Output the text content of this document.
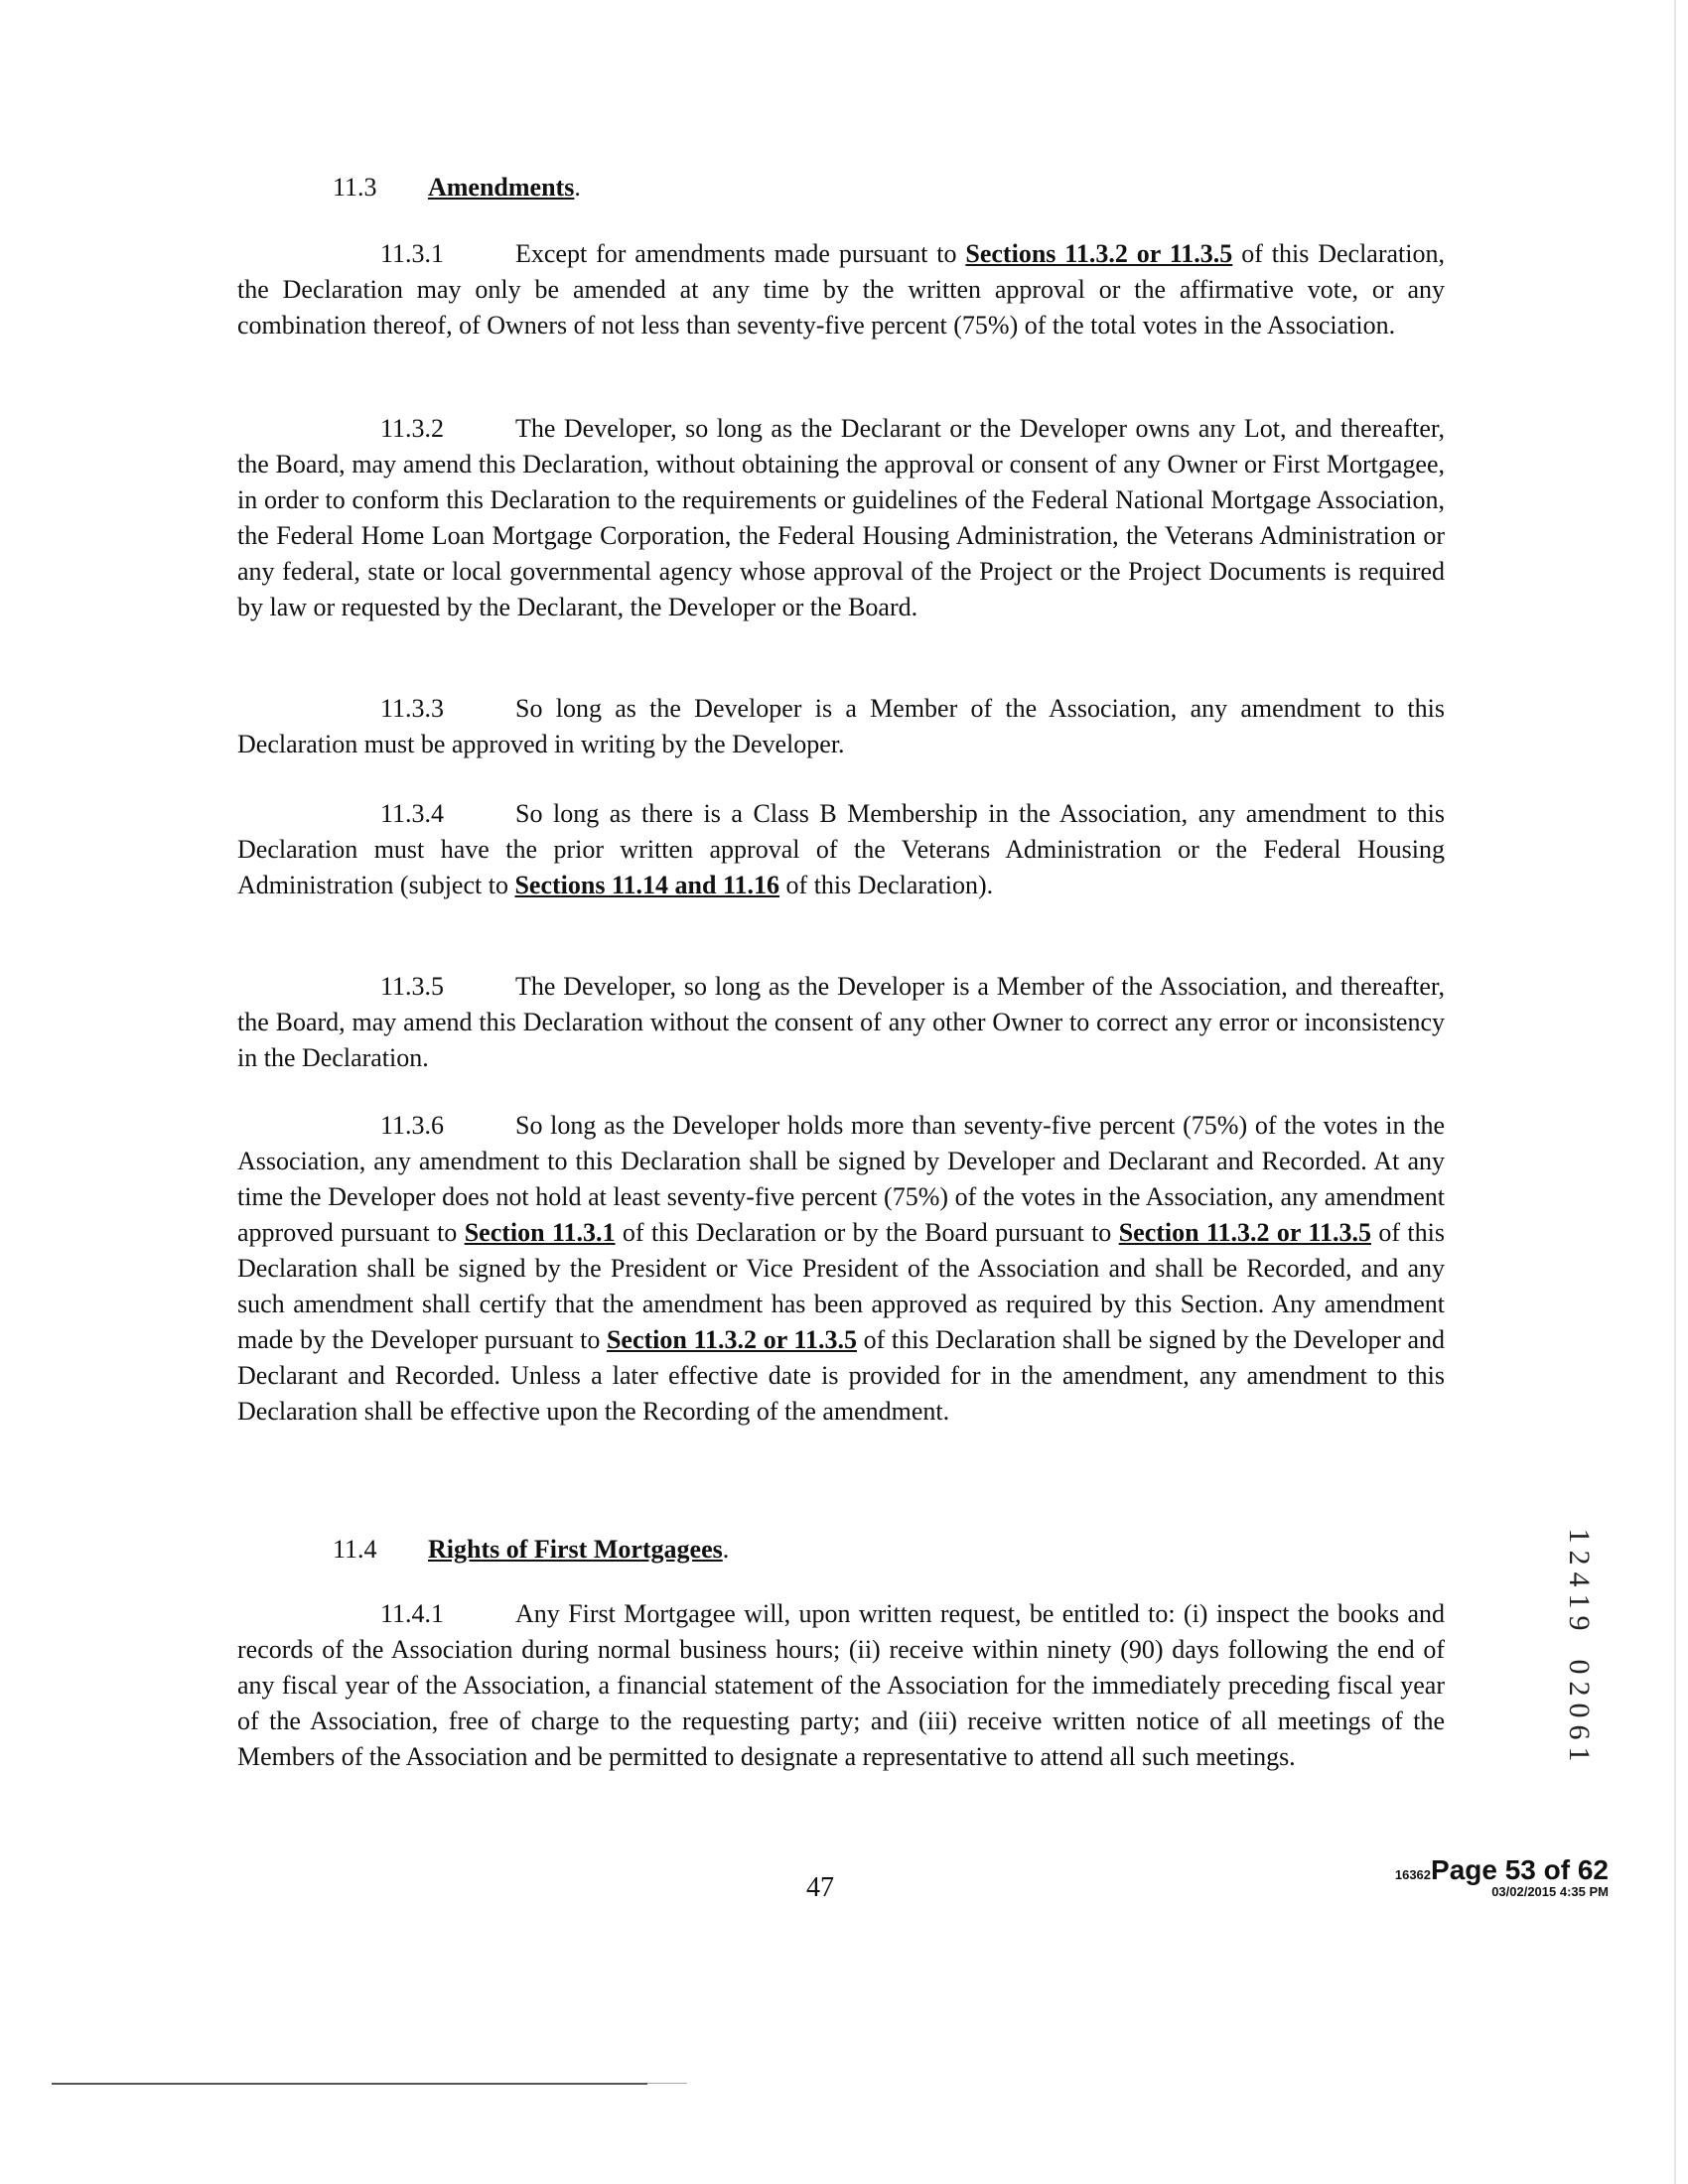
11.3 Amendments.
11.3.1	Except for amendments made pursuant to Sections 11.3.2 or 11.3.5 of this Declaration, the Declaration may only be amended at any time by the written approval or the affirmative vote, or any combination thereof, of Owners of not less than seventy-five percent (75%) of the total votes in the Association.
11.3.2	The Developer, so long as the Declarant or the Developer owns any Lot, and thereafter, the Board, may amend this Declaration, without obtaining the approval or consent of any Owner or First Mortgagee, in order to conform this Declaration to the requirements or guidelines of the Federal National Mortgage Association, the Federal Home Loan Mortgage Corporation, the Federal Housing Administration, the Veterans Administration or any federal, state or local governmental agency whose approval of the Project or the Project Documents is required by law or requested by the Declarant, the Developer or the Board.
11.3.3	So long as the Developer is a Member of the Association, any amendment to this Declaration must be approved in writing by the Developer.
11.3.4	So long as there is a Class B Membership in the Association, any amendment to this Declaration must have the prior written approval of the Veterans Administration or the Federal Housing Administration (subject to Sections 11.14 and 11.16 of this Declaration).
11.3.5	The Developer, so long as the Developer is a Member of the Association, and thereafter, the Board, may amend this Declaration without the consent of any other Owner to correct any error or inconsistency in the Declaration.
11.3.6	So long as the Developer holds more than seventy-five percent (75%) of the votes in the Association, any amendment to this Declaration shall be signed by Developer and Declarant and Recorded. At any time the Developer does not hold at least seventy-five percent (75%) of the votes in the Association, any amendment approved pursuant to Section 11.3.1 of this Declaration or by the Board pursuant to Section 11.3.2 or 11.3.5 of this Declaration shall be signed by the President or Vice President of the Association and shall be Recorded, and any such amendment shall certify that the amendment has been approved as required by this Section. Any amendment made by the Developer pursuant to Section 11.3.2 or 11.3.5 of this Declaration shall be signed by the Developer and Declarant and Recorded. Unless a later effective date is provided for in the amendment, any amendment to this Declaration shall be effective upon the Recording of the amendment.
11.4 Rights of First Mortgagees.
11.4.1	Any First Mortgagee will, upon written request, be entitled to: (i) inspect the books and records of the Association during normal business hours; (ii) receive within ninety (90) days following the end of any fiscal year of the Association, a financial statement of the Association for the immediately preceding fiscal year of the Association, free of charge to the requesting party; and (iii) receive written notice of all meetings of the Members of the Association and be permitted to designate a representative to attend all such meetings.
1
2
4
1
9
0
2
0
6
1
47	16362Page 53 of 62
03/02/2015 4:35 PM
